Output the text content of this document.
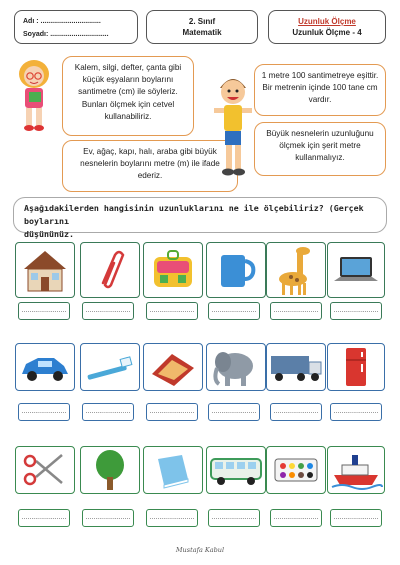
Adı : ...............................
Soyadı: ..............................
2. Sınıf
Matematik
Uzunluk Ölçme
Uzunluk Ölçme - 4
Kalem, silgi, defter, çanta gibi küçük eşyaların boylarını santimetre (cm) ile söyleriz. Bunları ölçmek için cetvel kullanabiliriz.
Ev, ağaç, kapı, halı, araba gibi büyük nesnelerin boylarını metre (m) ile ifade ederiz.
1 metre 100 santimetreye eşittir. Bir metrenin içinde 100 tane cm vardır.
Büyük nesnelerin uzunluğunu ölçmek için şerit metre kullanmalıyız.
Aşağıdakilerden hangisinin uzunluklarını ne ile ölçebiliriz? (Gerçek boylarını
düşününüz.
.......................	.......................	.......................	.......................	.......................	.......................
.......................	.......................	.......................	.......................	.......................	.......................
.......................	.......................	.......................	.......................	.......................	.......................
Mustafa Kabul
